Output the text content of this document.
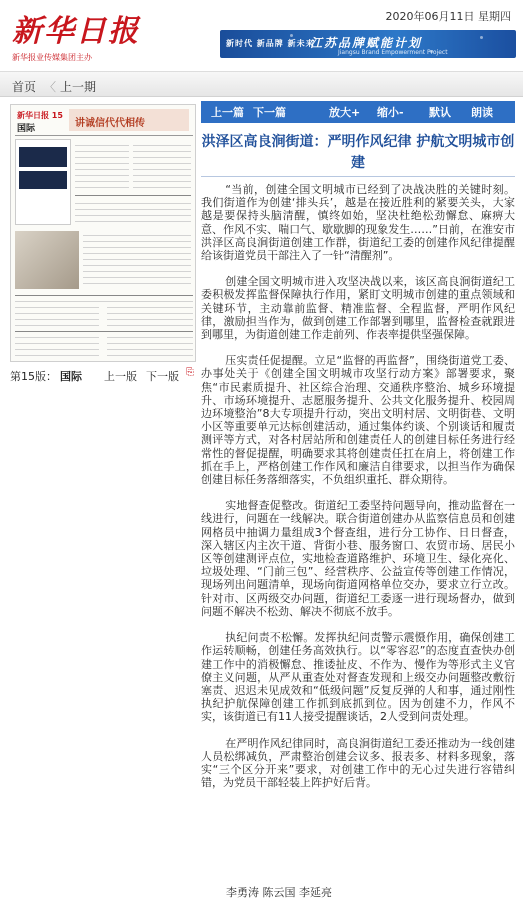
新华日报
新华报业传媒集团主办
2020年06月11日 星期四
新时代 新品牌 新未来
江苏品牌赋能计划
Jiangsu Brand Empowerment Project
首页 〈 上一期
新华日报 15
国际	讲诚信代代相传
第15版： 国际 上一版 下一版 ⎘
上一篇 下一篇	放大+ 缩小- 默认 朗读
洪泽区高良涧街道：严明作风纪律 护航文明城市创建

“当前，创建全国文明城市已经到了决战决胜的关键时刻。我们街道作为创建‘排头兵’，越是在接近胜利的紧要关头，大家越是要保持头脑清醒，慎终如始，坚决杜绝松劲懈怠、麻痹大意、作风不实、喘口气、歇歇脚的现象发生……”日前，在淮安市洪泽区高良涧街道创建工作群，街道纪工委的创建作风纪律提醒给该街道党员干部注入了一针“清醒剂”。

创建全国文明城市进入攻坚决战以来，该区高良涧街道纪工委积极发挥监督保障执行作用，紧盯文明城市创建的重点领域和关键环节，主动靠前监督、精准监督、全程监督，严明作风纪律，激励担当作为，做到创建工作部署到哪里，监督检查就跟进到哪里，为街道创建工作走前列、作表率提供坚强保障。

压实责任促提醒。立足“监督的再监督”，围绕街道党工委、办事处关于《创建全国文明城市攻坚行动方案》部署要求，聚焦“市民素质提升、社区综合治理、交通秩序整治、城乡环境提升、市场环境提升、志愿服务提升、公共文化服务提升、校园周边环境整治”8大专项提升行动，突出文明村居、文明街巷、文明小区等重要单元达标创建活动，通过集体约谈、个别谈话和履责测评等方式，对各村居站所和创建责任人的创建目标任务进行经常性的督促提醒，明确要求其将创建责任扛在肩上，将创建工作抓在手上，严格创建工作作风和廉洁自律要求，以担当作为确保创建目标任务落细落实，不负组织重托、群众期待。

实地督查促整改。街道纪工委坚持问题导向，推动监督在一线进行，问题在一线解决。联合街道创建办从监察信息员和创建网格员中抽调力量组成3个督查组，进行分工协作、日日督查，深入辖区内主次干道、背街小巷、服务窗口、农贸市场、居民小区等创建测评点位，实地检查道路维护、环境卫生、绿化亮化、垃圾处理、“门前三包”、经营秩序、公益宣传等创建工作情况，现场列出问题清单，现场向街道网格单位交办，要求立行立改。针对市、区两级交办问题，街道纪工委逐一进行现场督办，做到问题不解决不松劲、解决不彻底不放手。

执纪问责不松懈。发挥执纪问责警示震慑作用，确保创建工作运转顺畅，创建任务高效执行。以“零容忍”的态度直查快办创建工作中的消极懈怠、推诿扯皮、不作为、慢作为等形式主义官僚主义问题，从严从重查处对督查发现和上级交办问题整改敷衍塞责、迟迟未见成效和“低级问题”反复反弹的人和事，通过刚性执纪护航保障创建工作抓到底抓到位。因为创建不力，作风不实，该街道已有11人接受提醒谈话，2人受到问责处理。

在严明作风纪律同时，高良涧街道纪工委还推动为一线创建人员松绑减负，严肃整治创建会议多、报表多、材料多现象，落实“三个区分开来”要求，对创建工作中的无心过失进行容错纠错，为党员干部轻装上阵护好后背。

李勇涛 陈云国 李延亮
